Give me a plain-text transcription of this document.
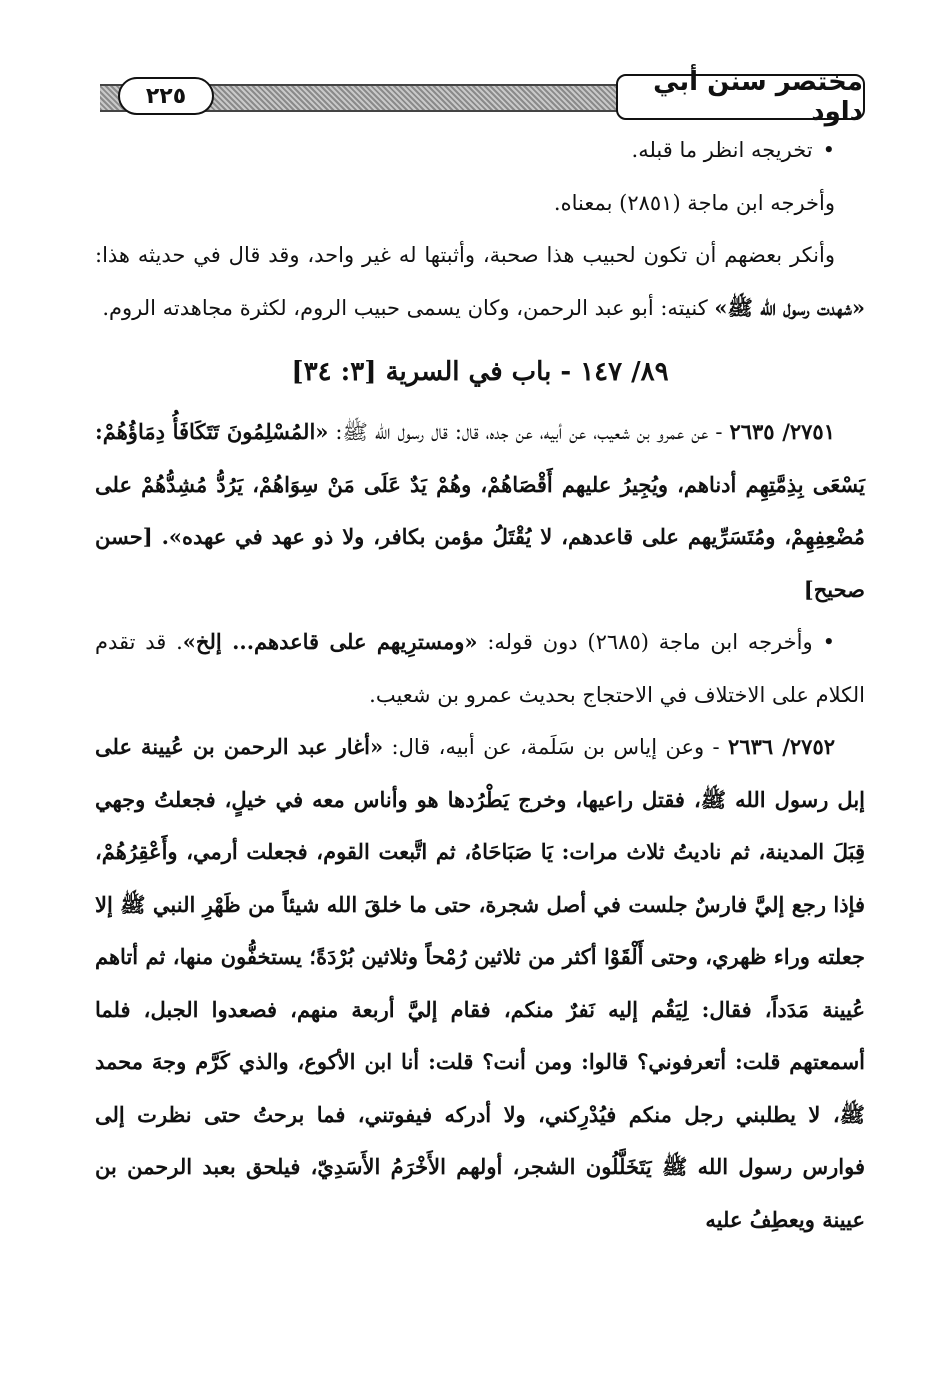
٢٢٥	مختصر سنن أبي داود

• تخريجه انظر ما قبله.

وأخرجه ابن ماجة (٢٨٥١) بمعناه.

وأنكر بعضهم أن تكون لحبيب هذا صحبة، وأثبتها له غير واحد، وقد قال في حديثه هذا: «شهدت رسول الله ﷺ» كنيته: أبو عبد الرحمن، وكان يسمى حبيب الروم، لكثرة مجاهدته الروم.

٨٩/ ١٤٧ - باب في السرية [٣: ٣٤]

٢٧٥١/ ٢٦٣٥ - عن عمرو بن شعيب، عن أبيه، عن جده، قال: قال رسول الله ﷺ: «المُسْلِمُونَ تَتَكَافَأُ دِمَاؤُهُمْ: يَسْعَى بِذِمَّتِهِم أدناهم، ويُجِيرُ عليهم أَقْصَاهُمْ، وهُمْ يَدٌ عَلَى مَنْ سِوَاهُمْ، يَرُدُّ مُشِدُّهُمْ على مُضْعِفِهِمْ، ومُتَسَرِّيهم على قاعدهم، لا يُقْتَلُ مؤمن بكافر، ولا ذو عهد في عهده». [حسن صحيح]

• وأخرجه ابن ماجة (٢٦٨٥) دون قوله: «ومسترِيهم على قاعدهم... إلخ». قد تقدم الكلام على الاختلاف في الاحتجاج بحديث عمرو بن شعيب.

٢٧٥٢/ ٢٦٣٦ - وعن إياس بن سَلَمة، عن أبيه، قال: «أغار عبد الرحمن بن عُيينة على إبل رسول الله ﷺ، فقتل راعيها، وخرج يَطْرُدها هو وأناس معه في خيلٍ، فجعلتُ وجهي قِبَلَ المدينة، ثم ناديتُ ثلاث مرات: يَا صَبَاحَاهُ، ثم اتَّبعت القوم، فجعلت أرمي، وأَعْقِرُهُمْ، فإذا رجع إليَّ فارسٌ جلست في أصل شجرة، حتى ما خلقَ الله شيئاً من ظَهْرِ النبي ﷺ إلا جعلته وراء ظهري، وحتى أَلْقَوْا أكثر من ثلاثين رُمْحاً وثلاثين بُرْدَةً؛ يستخفُّون منها، ثم أتاهم عُيينة مَدَداً، فقال: لِيَقُم إليه نَفرٌ منكم، فقام إليَّ أربعة منهم، فصعدوا الجبل، فلما أسمعتهم قلت: أتعرفوني؟ قالوا: ومن أنت؟ قلت: أنا ابن الأكوع، والذي كَرَّم وجهَ محمد ﷺ، لا يطلبني رجل منكم فيُدْرِكني، ولا أدركه فيفوتني، فما برحتُ حتى نظرت إلى فوارس رسول الله ﷺ يَتَخَلَّلُون الشجر، أولهم الأَخْرَمُ الأَسَدِيّ، فيلحق بعبد الرحمن بن عيينة ويعطِفُ عليه
